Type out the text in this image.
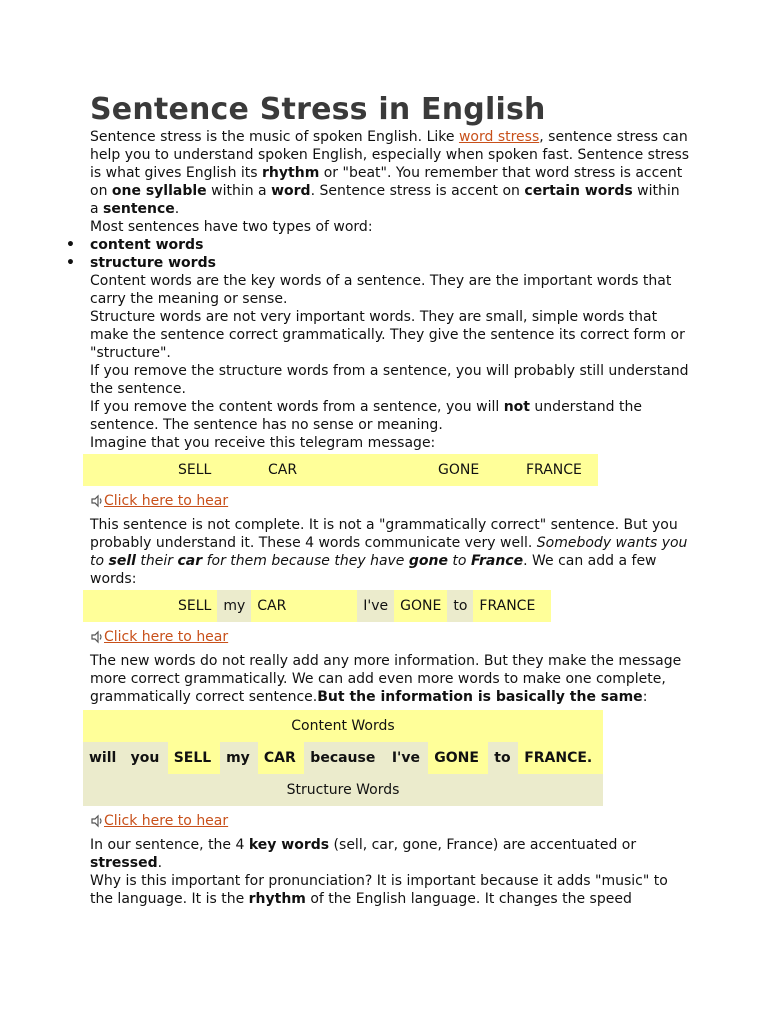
Sentence Stress in English

Sentence stress is the music of spoken English. Like word stress, sentence stress can help you to understand spoken English, especially when spoken fast. Sentence stress is what gives English its rhythm or "beat". You remember that word stress is accent on one syllable within a word. Sentence stress is accent on certain words within a sentence.

Most sentences have two types of word:

• content words
• structure words

Content words are the key words of a sentence. They are the important words that carry the meaning or sense.

Structure words are not very important words. They are small, simple words that make the sentence correct grammatically. They give the sentence its correct form or "structure".

If you remove the structure words from a sentence, you will probably still understand the sentence.

If you remove the content words from a sentence, you will not understand the sentence. The sentence has no sense or meaning.

Imagine that you receive this telegram message:

	SELL	CAR	GONE	FRANCE
Click here to hear

This sentence is not complete. It is not a "grammatically correct" sentence. But you probably understand it. These 4 words communicate very well. Somebody wants you to sell their car for them because they have gone to France. We can add a few words:

	SELL	my	CAR	I've	GONE	to	FRANCE
Click here to hear

The new words do not really add any more information. But they make the message more correct grammatically. We can add even more words to make one complete, grammatically correct sentence.But the information is basically the same:

Content Words
will	you	SELL	my	CAR	because	I've	GONE	to	FRANCE.
Structure Words
Click here to hear

In our sentence, the 4 key words (sell, car, gone, France) are accentuated or stressed.

Why is this important for pronunciation? It is important because it adds "music" to the language. It is the rhythm of the English language. It changes the speed
